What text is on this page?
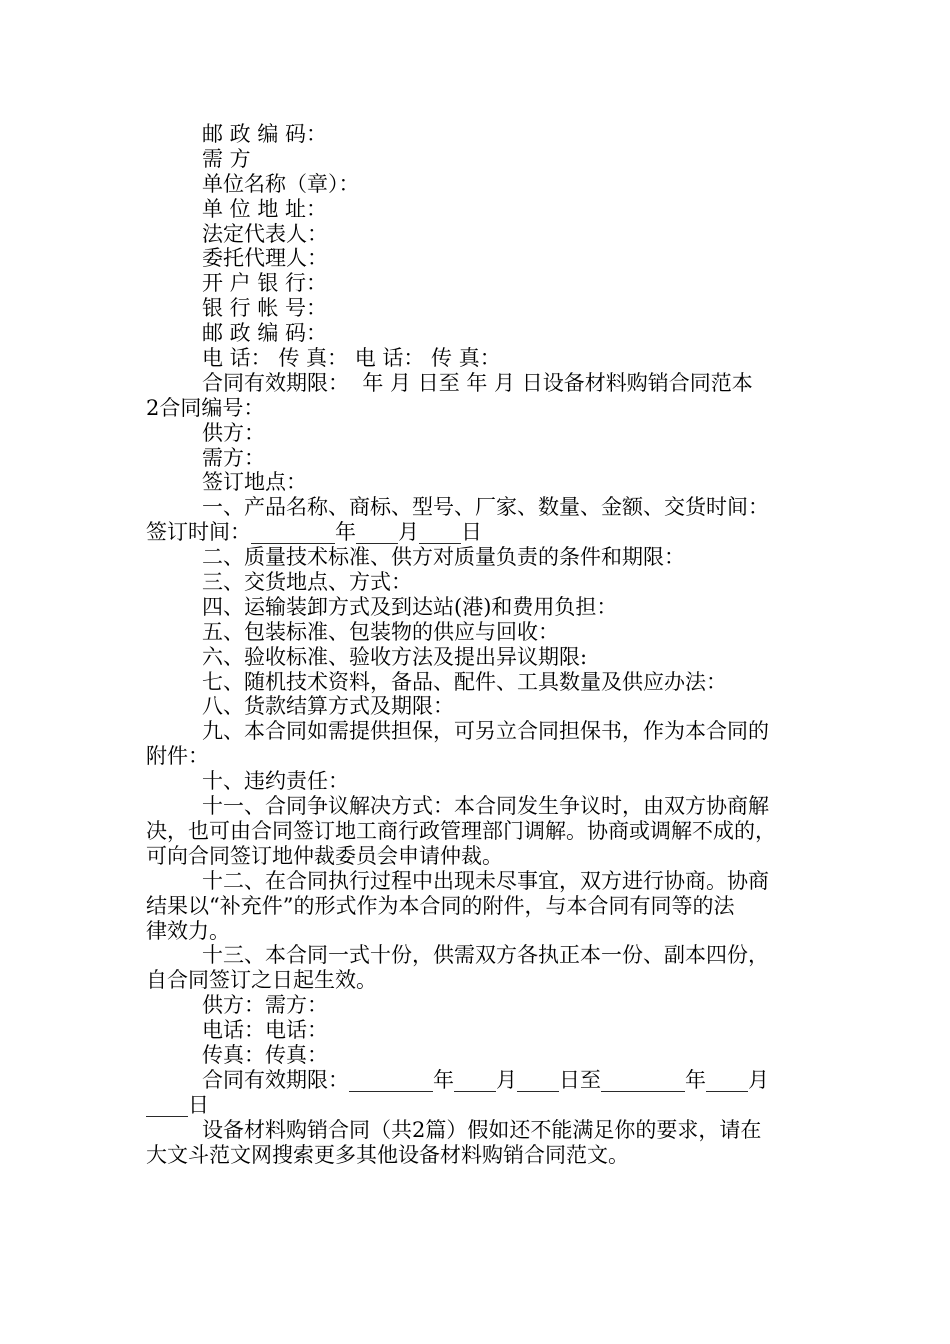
邮 政 编 码：
需 方
单位名称（章）：
单 位 地 址：
法定代表人：
委托代理人：
开 户 银 行：
银 行 帐 号：
邮 政 编 码：
电 话： 传 真： 电 话： 传 真：
合同有效期限：  年 月 日至 年 月 日设备材料购销合同范本
2合同编号：
供方：
需方：
签订地点：
一、产品名称、商标、型号、厂家、数量、金额、交货时间：
签订时间：________年____月____日
二、质量技术标准、供方对质量负责的条件和期限：
三、交货地点、方式：
四、运输装卸方式及到达站(港)和费用负担：
五、包装标准、包装物的供应与回收：
六、验收标准、验收方法及提出异议期限:
七、随机技术资料，备品、配件、工具数量及供应办法：
八、货款结算方式及期限：
九、本合同如需提供担保，可另立合同担保书，作为本合同的
附件：
十、违约责任：
十一、合同争议解决方式：本合同发生争议时，由双方协商解
决，也可由合同签订地工商行政管理部门调解。协商或调解不成的，
可向合同签订地仲裁委员会申请仲裁。
十二、在合同执行过程中出现未尽事宜，双方进行协商。协商
结果以“补充件”的形式作为本合同的附件，与本合同有同等的法
律效力。
十三、本合同一式十份，供需双方各执正本一份、副本四份，
自合同签订之日起生效。
供方：需方：
电话：电话：
传真：传真：
合同有效期限：________年____月____日至________年____月
____日
设备材料购销合同（共2篇）假如还不能满足你的要求，请在
大文斗范文网搜索更多其他设备材料购销合同范文。
